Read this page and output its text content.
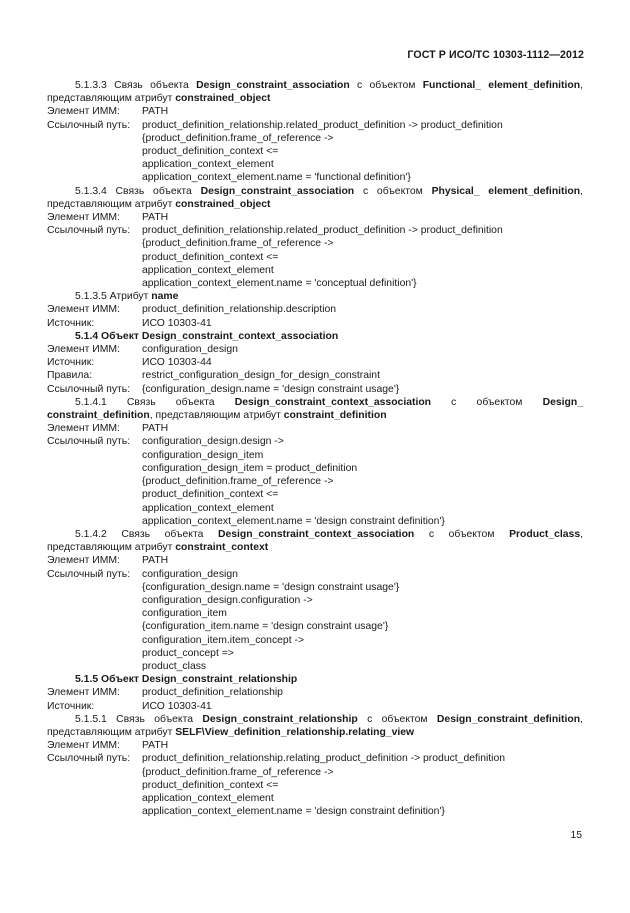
ГОСТ Р ИСО/ТС 10303-1112—2012

5.1.3.3 Связь объекта Design_constraint_association с объектом Functional_ element_definition, представляющим атрибут constrained_object

Элемент ИММ:	PATH
Ссылочный путь:	product_definition_relationship.related_product_definition -> product_definition

{product_definition.frame_of_reference ->

product_definition_context <=

application_context_element

application_context_element.name = 'functional definition'}

5.1.3.4 Связь объекта Design_constraint_association с объектом Physical_ element_definition, представляющим атрибут constrained_object

Элемент ИММ:	PATH
Ссылочный путь:	product_definition_relationship.related_product_definition -> product_definition

{product_definition.frame_of_reference ->

product_definition_context <=

application_context_element

application_context_element.name = 'conceptual definition'}

5.1.3.5 Атрибут name

Элемент ИММ:	product_definition_relationship.description
Источник:	ИСО 10303-41

5.1.4 Объект Design_constraint_context_association

Элемент ИММ:	configuration_design
Источник:	ИСО 10303-44
Правила:	restrict_configuration_design_for_design_constraint
Ссылочный путь:	{configuration_design.name = 'design constraint usage'}

5.1.4.1 Связь объекта Design_constraint_context_association с объектом Design_ constraint_definition, представляющим атрибут constraint_definition

Элемент ИММ:	PATH
Ссылочный путь:	configuration_design.design ->

configuration_design_item

configuration_design_item = product_definition

{product_definition.frame_of_reference ->

product_definition_context <=

application_context_element

application_context_element.name = 'design constraint definition'}

5.1.4.2 Связь объекта Design_constraint_context_association с объектом Product_class, представляющим атрибут constraint_context

Элемент ИММ:	PATH
Ссылочный путь:	configuration_design

{configuration_design.name = 'design constraint usage'}

configuration_design.configuration ->

configuration_item

{configuration_item.name = 'design constraint usage'}

configuration_item.item_concept ->

product_concept =>

product_class

5.1.5 Объект Design_constraint_relationship

Элемент ИММ:	product_definition_relationship
Источник:	ИСО 10303-41

5.1.5.1 Связь объекта Design_constraint_relationship с объектом Design_constraint_definition, представляющим атрибут SELF\View_definition_relationship.relating_view

Элемент ИММ:	PATH
Ссылочный путь:	product_definition_relationship.relating_product_definition -> product_definition

{product_definition.frame_of_reference ->

product_definition_context <=

application_context_element

application_context_element.name = 'design constraint definition'}

15
